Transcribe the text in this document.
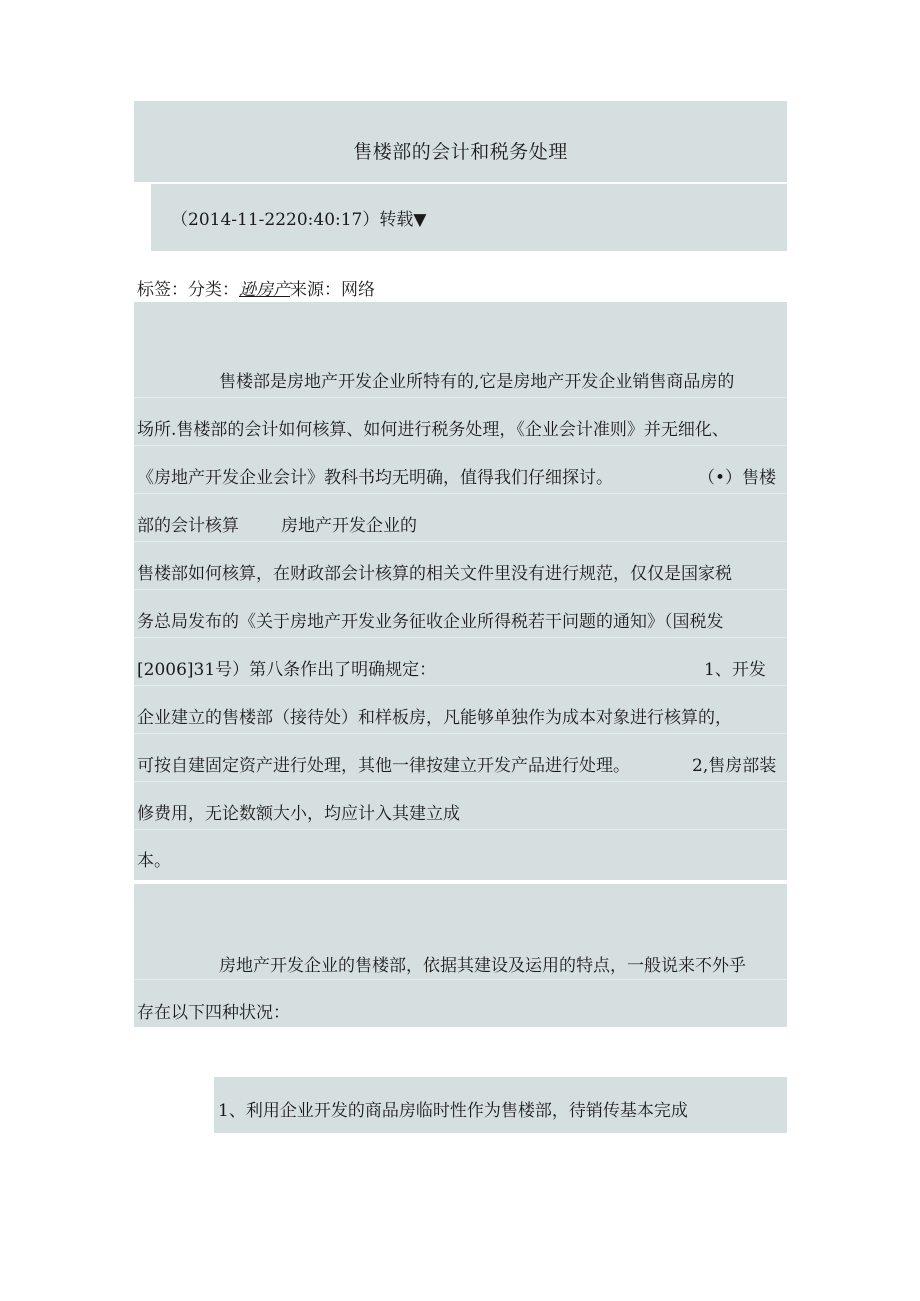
售楼部的会计和税务处理
（2014-11-2220:40:17）转载▼
标签：分类：逊房产来源：网络
售楼部是房地产开发企业所特有的,它是房地产开发企业销售商品房的
场所.售楼部的会计如何核算、如何进行税务处理，《企业会计准则》并无细化、
《房地产开发企业会计》教科书均无明确，值得我们仔细探讨。	（•）售楼
部的会计核算 房地产开发企业的
售楼部如何核算，在财政部会计核算的相关文件里没有进行规范，仅仅是国家税
务总局发布的《关于房地产开发业务征收企业所得税若干问题的通知》（国税发
[2006]31号）第八条作出了明确规定：	1、开发
企业建立的售楼部（接待处）和样板房，凡能够单独作为成本对象进行核算的，
可按自建固定资产进行处理，其他一律按建立开发产品进行处理。	2,售房部装
修费用，无论数额大小，均应计入其建立成
本。
房地产开发企业的售楼部，依据其建设及运用的特点，一般说来不外乎
存在以下四种状况：
1、利用企业开发的商品房临时性作为售楼部，待销传基本完成
